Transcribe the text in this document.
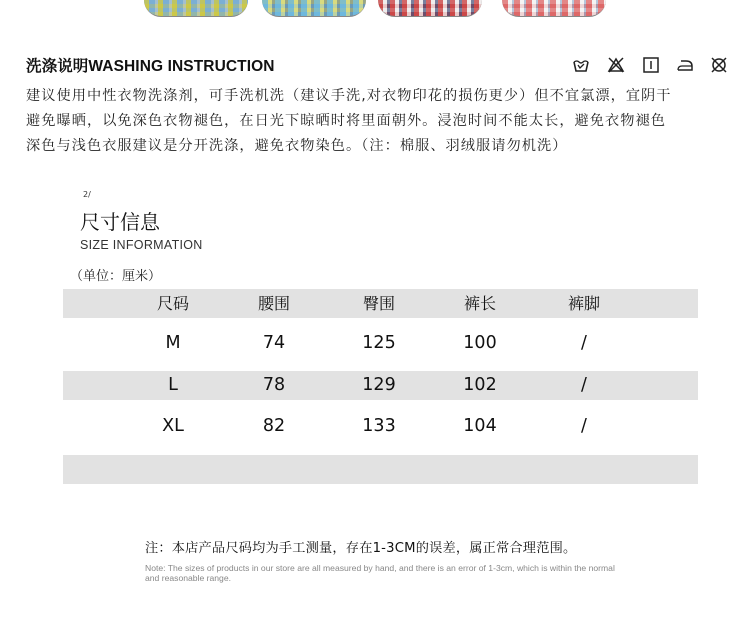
洗涤说明WASHING INSTRUCTION
建议使用中性衣物洗涤剂，可手洗机洗（建议手洗,对衣物印花的损伤更少）但不宜氯漂，宜阴干
避免曝晒，以免深色衣物褪色，在日光下晾晒时将里面朝外。浸泡时间不能太长，避免衣物褪色
深色与浅色衣服建议是分开洗涤，避免衣物染色。（注：棉服、羽绒服请勿机洗）
2/
尺寸信息
SIZE INFORMATION
（单位：厘米）
尺码	腰围	臀围	裤长	裤脚
M	74	125	100	/
L	78	129	102	/
XL	82	133	104	/
注：本店产品尺码均为手工测量，存在1-3CM的误差，属正常合理范围。
Note: The sizes of products in our store are all measured by hand, and there is an error of 1-3cm, which is within the normal and reasonable range.
